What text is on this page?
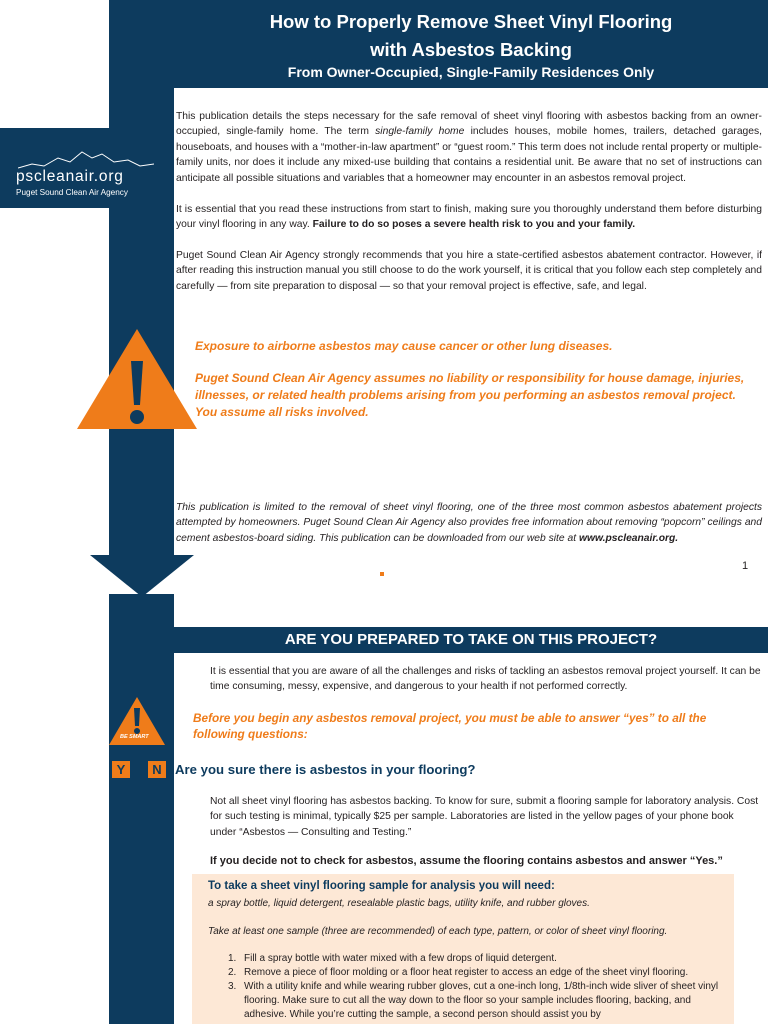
How to Properly Remove Sheet Vinyl Flooring
with Asbestos Backing
From Owner-Occupied, Single-Family Residences Only
pscleanair.org
Puget Sound Clean Air Agency
This publication details the steps necessary for the safe removal of sheet vinyl flooring with asbestos backing from an owner-occupied, single-family home. The term single-family home includes houses, mobile homes, trailers, detached garages, houseboats, and houses with a “mother-in-law apartment” or “guest room.” This term does not include rental property or multiple-family units, nor does it include any mixed-use building that contains a residential unit. Be aware that no set of instructions can anticipate all possible situations and variables that a homeowner may encounter in an asbestos removal project.
It is essential that you read these instructions from start to finish, making sure you thoroughly understand them before disturbing your vinyl flooring in any way. Failure to do so poses a severe health risk to you and your family.
Puget Sound Clean Air Agency strongly recommends that you hire a state-certified asbestos abatement contractor. However, if after reading this instruction manual you still choose to do the work yourself, it is critical that you follow each step completely and carefully — from site preparation to disposal — so that your removal project is effective, safe, and legal.
Exposure to airborne asbestos may cause cancer or other lung diseases.
Puget Sound Clean Air Agency assumes no liability or responsibility for house damage, injuries, illnesses, or related health problems arising from you performing an asbestos removal project. You assume all risks involved.
This publication is limited to the removal of sheet vinyl flooring, one of the three most common asbestos abatement projects attempted by homeowners. Puget Sound Clean Air Agency also provides free information about removing “popcorn” ceilings and cement asbestos-board siding. This publication can be downloaded from our web site at www.pscleanair.org.
1
ARE YOU PREPARED TO TAKE ON THIS PROJECT?
It is essential that you are aware of all the challenges and risks of tackling an asbestos removal project yourself. It can be time consuming, messy, expensive, and dangerous to your health if not performed correctly.
BE SMART
Before you begin any asbestos removal project, you must be able to answer “yes” to all the following questions:
Y	N	Are you sure there is asbestos in your flooring?
Not all sheet vinyl flooring has asbestos backing. To know for sure, submit a flooring sample for laboratory analysis. Cost for such testing is minimal, typically $25 per sample. Laboratories are listed in the yellow pages of your phone book under “Asbestos — Consulting and Testing.”
If you decide not to check for asbestos, assume the flooring contains asbestos and answer “Yes.”
To take a sheet vinyl flooring sample for analysis you will need:
a spray bottle, liquid detergent, resealable plastic bags, utility knife, and rubber gloves.
Take at least one sample (three are recommended) of each type, pattern, or color of sheet vinyl flooring.
1. Fill a spray bottle with water mixed with a few drops of liquid detergent.
2. Remove a piece of floor molding or a floor heat register to access an edge of the sheet vinyl flooring.
3. With a utility knife and while wearing rubber gloves, cut a one-inch long, 1/8th-inch wide sliver of sheet vinyl flooring. Make sure to cut all the way down to the floor so your sample includes flooring, backing, and adhesive. While you’re cutting the sample, a second person should assist you by
